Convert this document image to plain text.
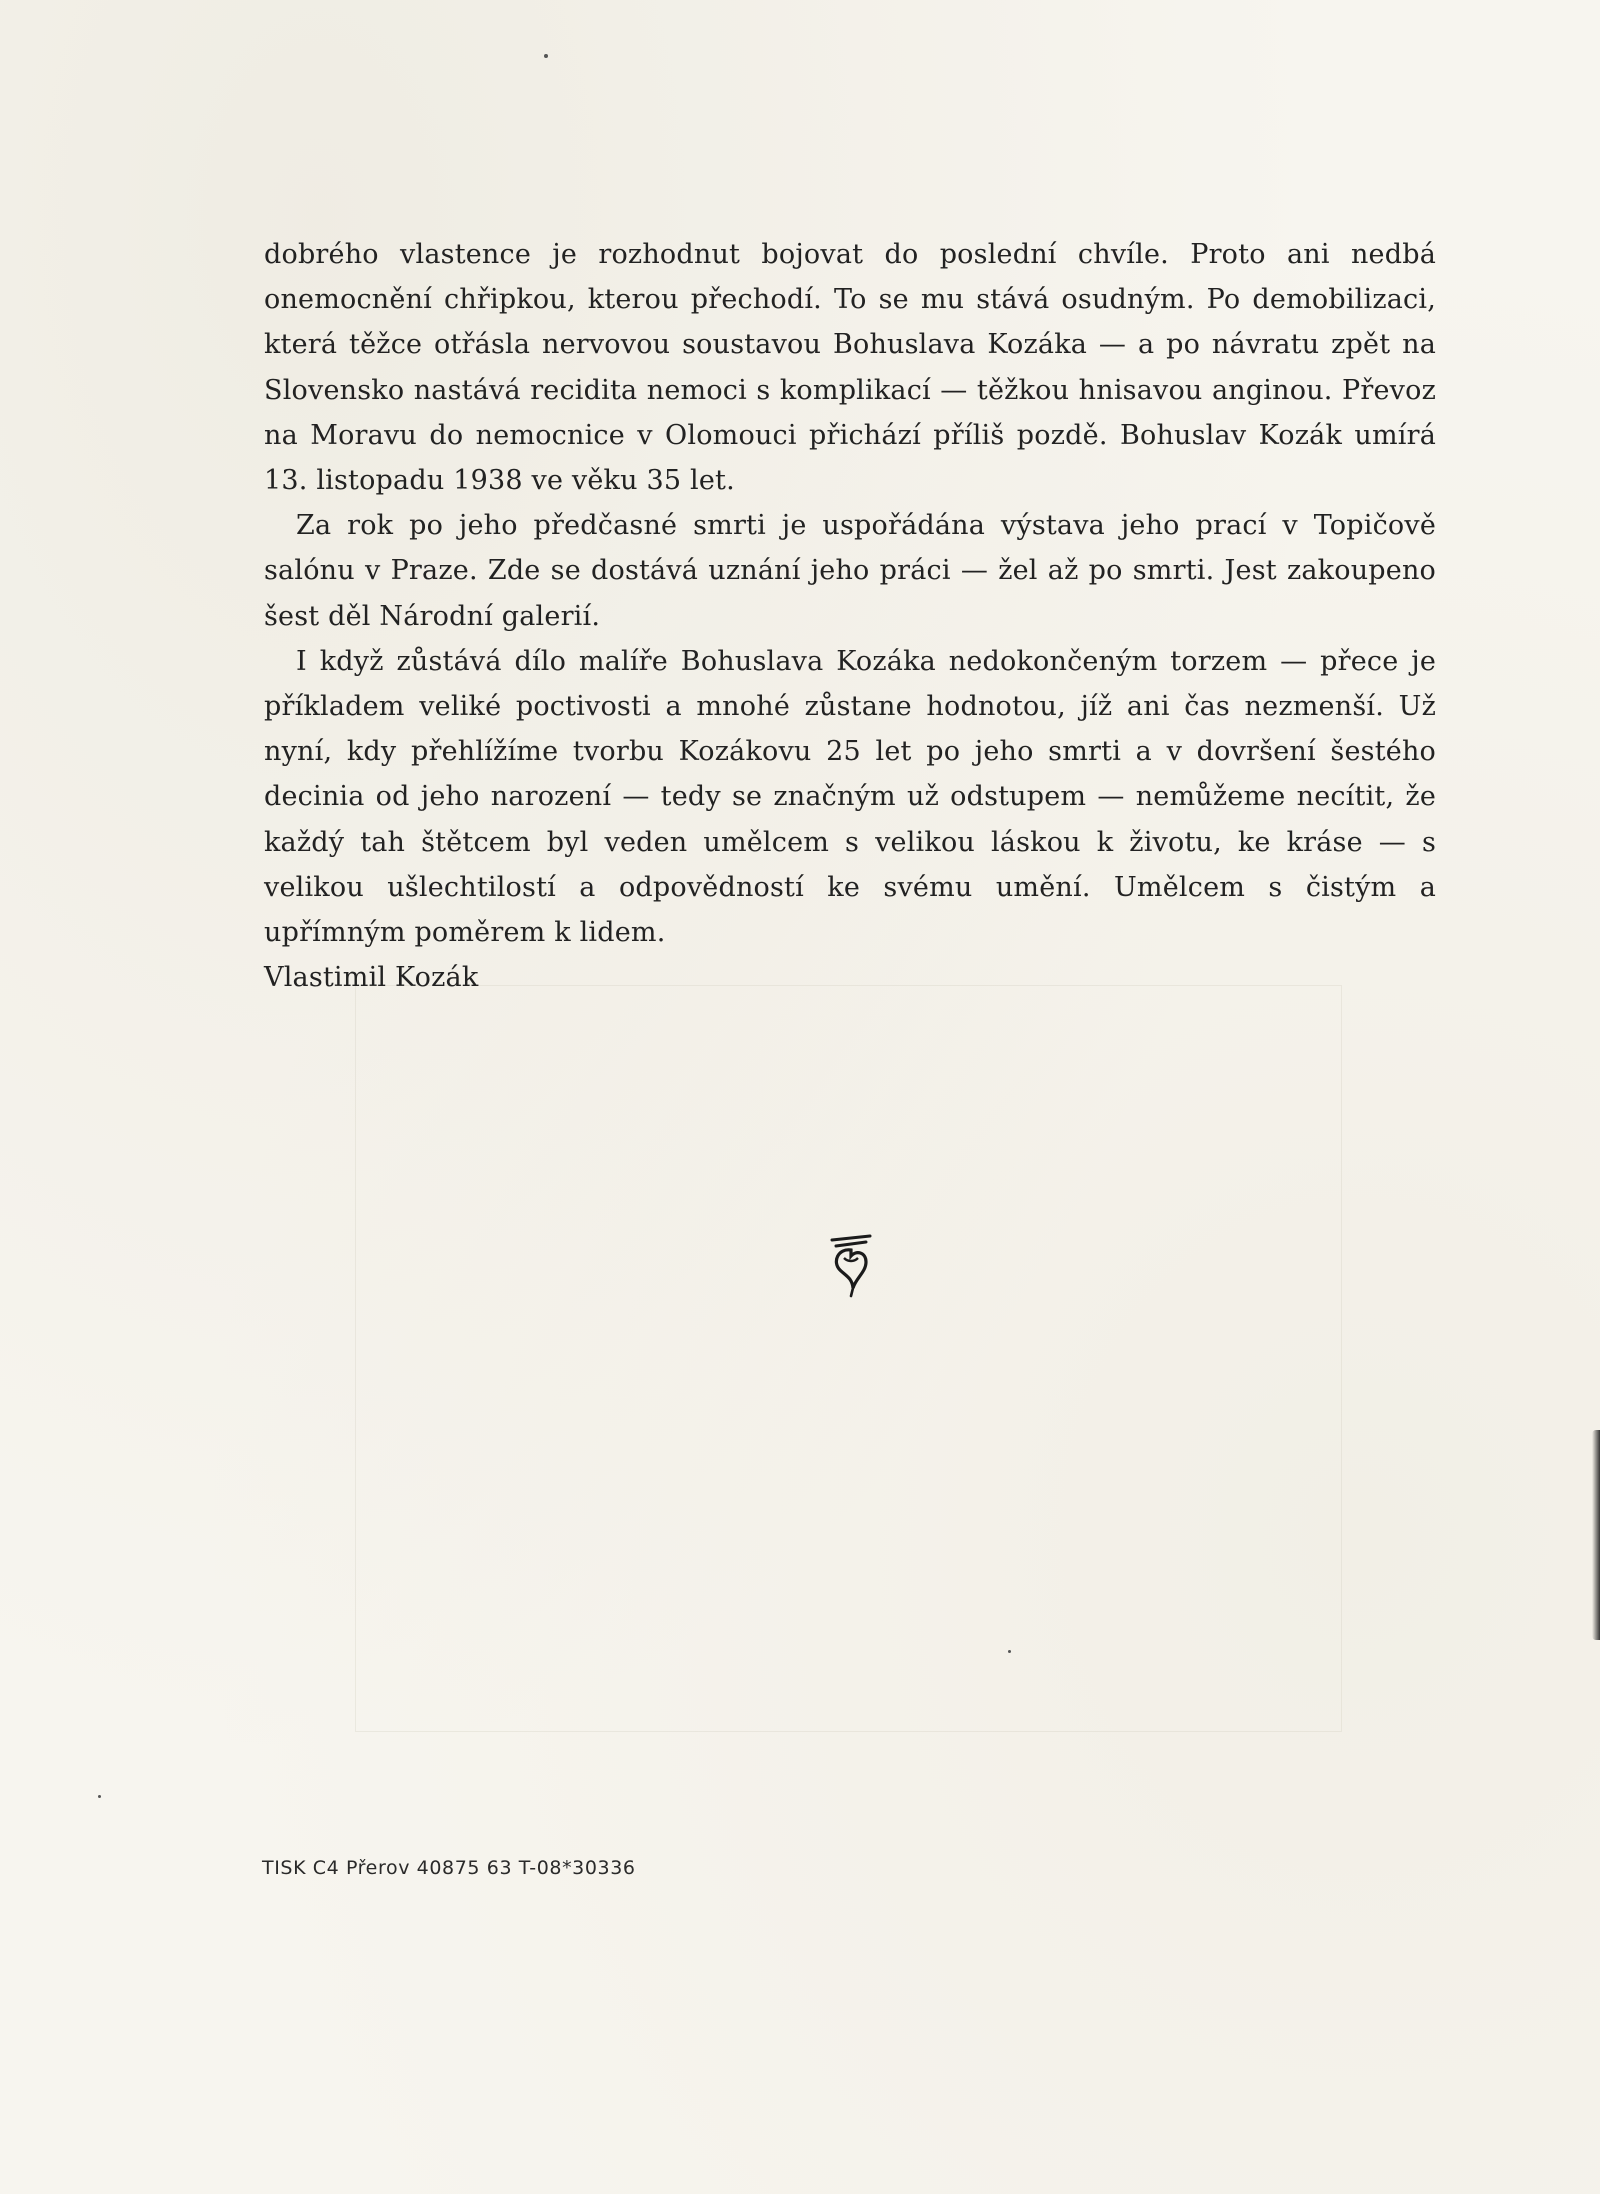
dobrého vlastence je rozhodnut bojovat do poslední chvíle. Proto ani nedbá onemocnění chřipkou, kterou přechodí. To se mu stává osudným. Po demobilizaci, která těžce otřásla nervovou soustavou Bohuslava Kozáka — a po návratu zpět na Slovensko nastává recidita nemoci s komplikací — těžkou hnisavou anginou. Převoz na Moravu do nemocnice v Olomouci přichází příliš pozdě. Bohuslav Kozák umírá 13. listopadu 1938 ve věku 35 let.

Za rok po jeho předčasné smrti je uspořádána výstava jeho prací v Topičově salónu v Praze. Zde se dostává uznání jeho práci — žel až po smrti. Jest zakoupeno šest děl Národní galerií.

I když zůstává dílo malíře Bohuslava Kozáka nedokončeným torzem — přece je příkladem veliké poctivosti a mnohé zůstane hodnotou, jíž ani čas nezmenší. Už nyní, kdy přehlížíme tvorbu Kozákovu 25 let po jeho smrti a v dovršení šestého decinia od jeho narození — tedy se značným už odstupem — nemůžeme necítit, že každý tah štětcem byl veden umělcem s velikou láskou k životu, ke kráse — s velikou ušlechtilostí a odpovědností ke svému umění. Umělcem s čistým a upřímným poměrem k lidem.

Vlastimil Kozák

TISK C4 Přerov 40875 63 T-08*30336
